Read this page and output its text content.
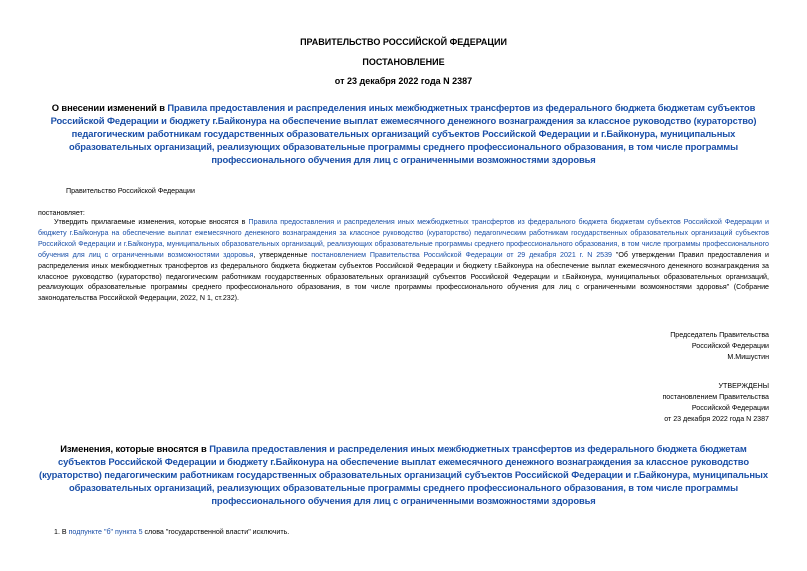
ПРАВИТЕЛЬСТВО РОССИЙСКОЙ ФЕДЕРАЦИИ
ПОСТАНОВЛЕНИЕ
от 23 декабря 2022 года N 2387
О внесении изменений в Правила предоставления и распределения иных межбюджетных трансфертов из федерального бюджета бюджетам субъектов Российской Федерации и бюджету г.Байконура на обеспечение выплат ежемесячного денежного вознаграждения за классное руководство (кураторство) педагогическим работникам государственных образовательных организаций субъектов Российской Федерации и г.Байконура, муниципальных образовательных организаций, реализующих образовательные программы среднего профессионального образования, в том числе программы профессионального обучения для лиц с ограниченными возможностями здоровья
Правительство Российской Федерации
постановляет:
Утвердить прилагаемые изменения, которые вносятся в Правила предоставления и распределения иных межбюджетных трансфертов из федерального бюджета бюджетам субъектов Российской Федерации и бюджету г.Байконура на обеспечение выплат ежемесячного денежного вознаграждения за классное руководство (кураторство) педагогическим работникам государственных образовательных организаций субъектов Российской Федерации и г.Байконура, муниципальных образовательных организаций, реализующих образовательные программы среднего профессионального образования, в том числе программы профессионального обучения для лиц с ограниченными возможностями здоровья, утвержденные постановлением Правительства Российской Федерации от 29 декабря 2021 г. N 2539 "Об утверждении Правил предоставления и распределения иных межбюджетных трансфертов из федерального бюджета бюджетам субъектов Российской Федерации и бюджету г.Байконура на обеспечение выплат ежемесячного денежного вознаграждения за классное руководство (кураторство) педагогическим работникам государственных образовательных организаций субъектов Российской Федерации и г.Байконура, муниципальных образовательных организаций, реализующих образовательные программы среднего профессионального образования, в том числе программы профессионального обучения для лиц с ограниченными возможностями здоровья" (Собрание законодательства Российской Федерации, 2022, N 1, ст.232).
Председатель Правительства
Российской Федерации
М.Мишустин
УТВЕРЖДЕНЫ
постановлением Правительства
Российской Федерации
от 23 декабря 2022 года N 2387
Изменения, которые вносятся в Правила предоставления и распределения иных межбюджетных трансфертов из федерального бюджета бюджетам субъектов Российской Федерации и бюджету г.Байконура на обеспечение выплат ежемесячного денежного вознаграждения за классное руководство (кураторство) педагогическим работникам государственных образовательных организаций субъектов Российской Федерации и г.Байконура, муниципальных образовательных организаций, реализующих образовательные программы среднего профессионального образования, в том числе программы профессионального обучения для лиц с ограниченными возможностями здоровья
1. В подпункте "б" пункта 5 слова "государственной власти" исключить.
